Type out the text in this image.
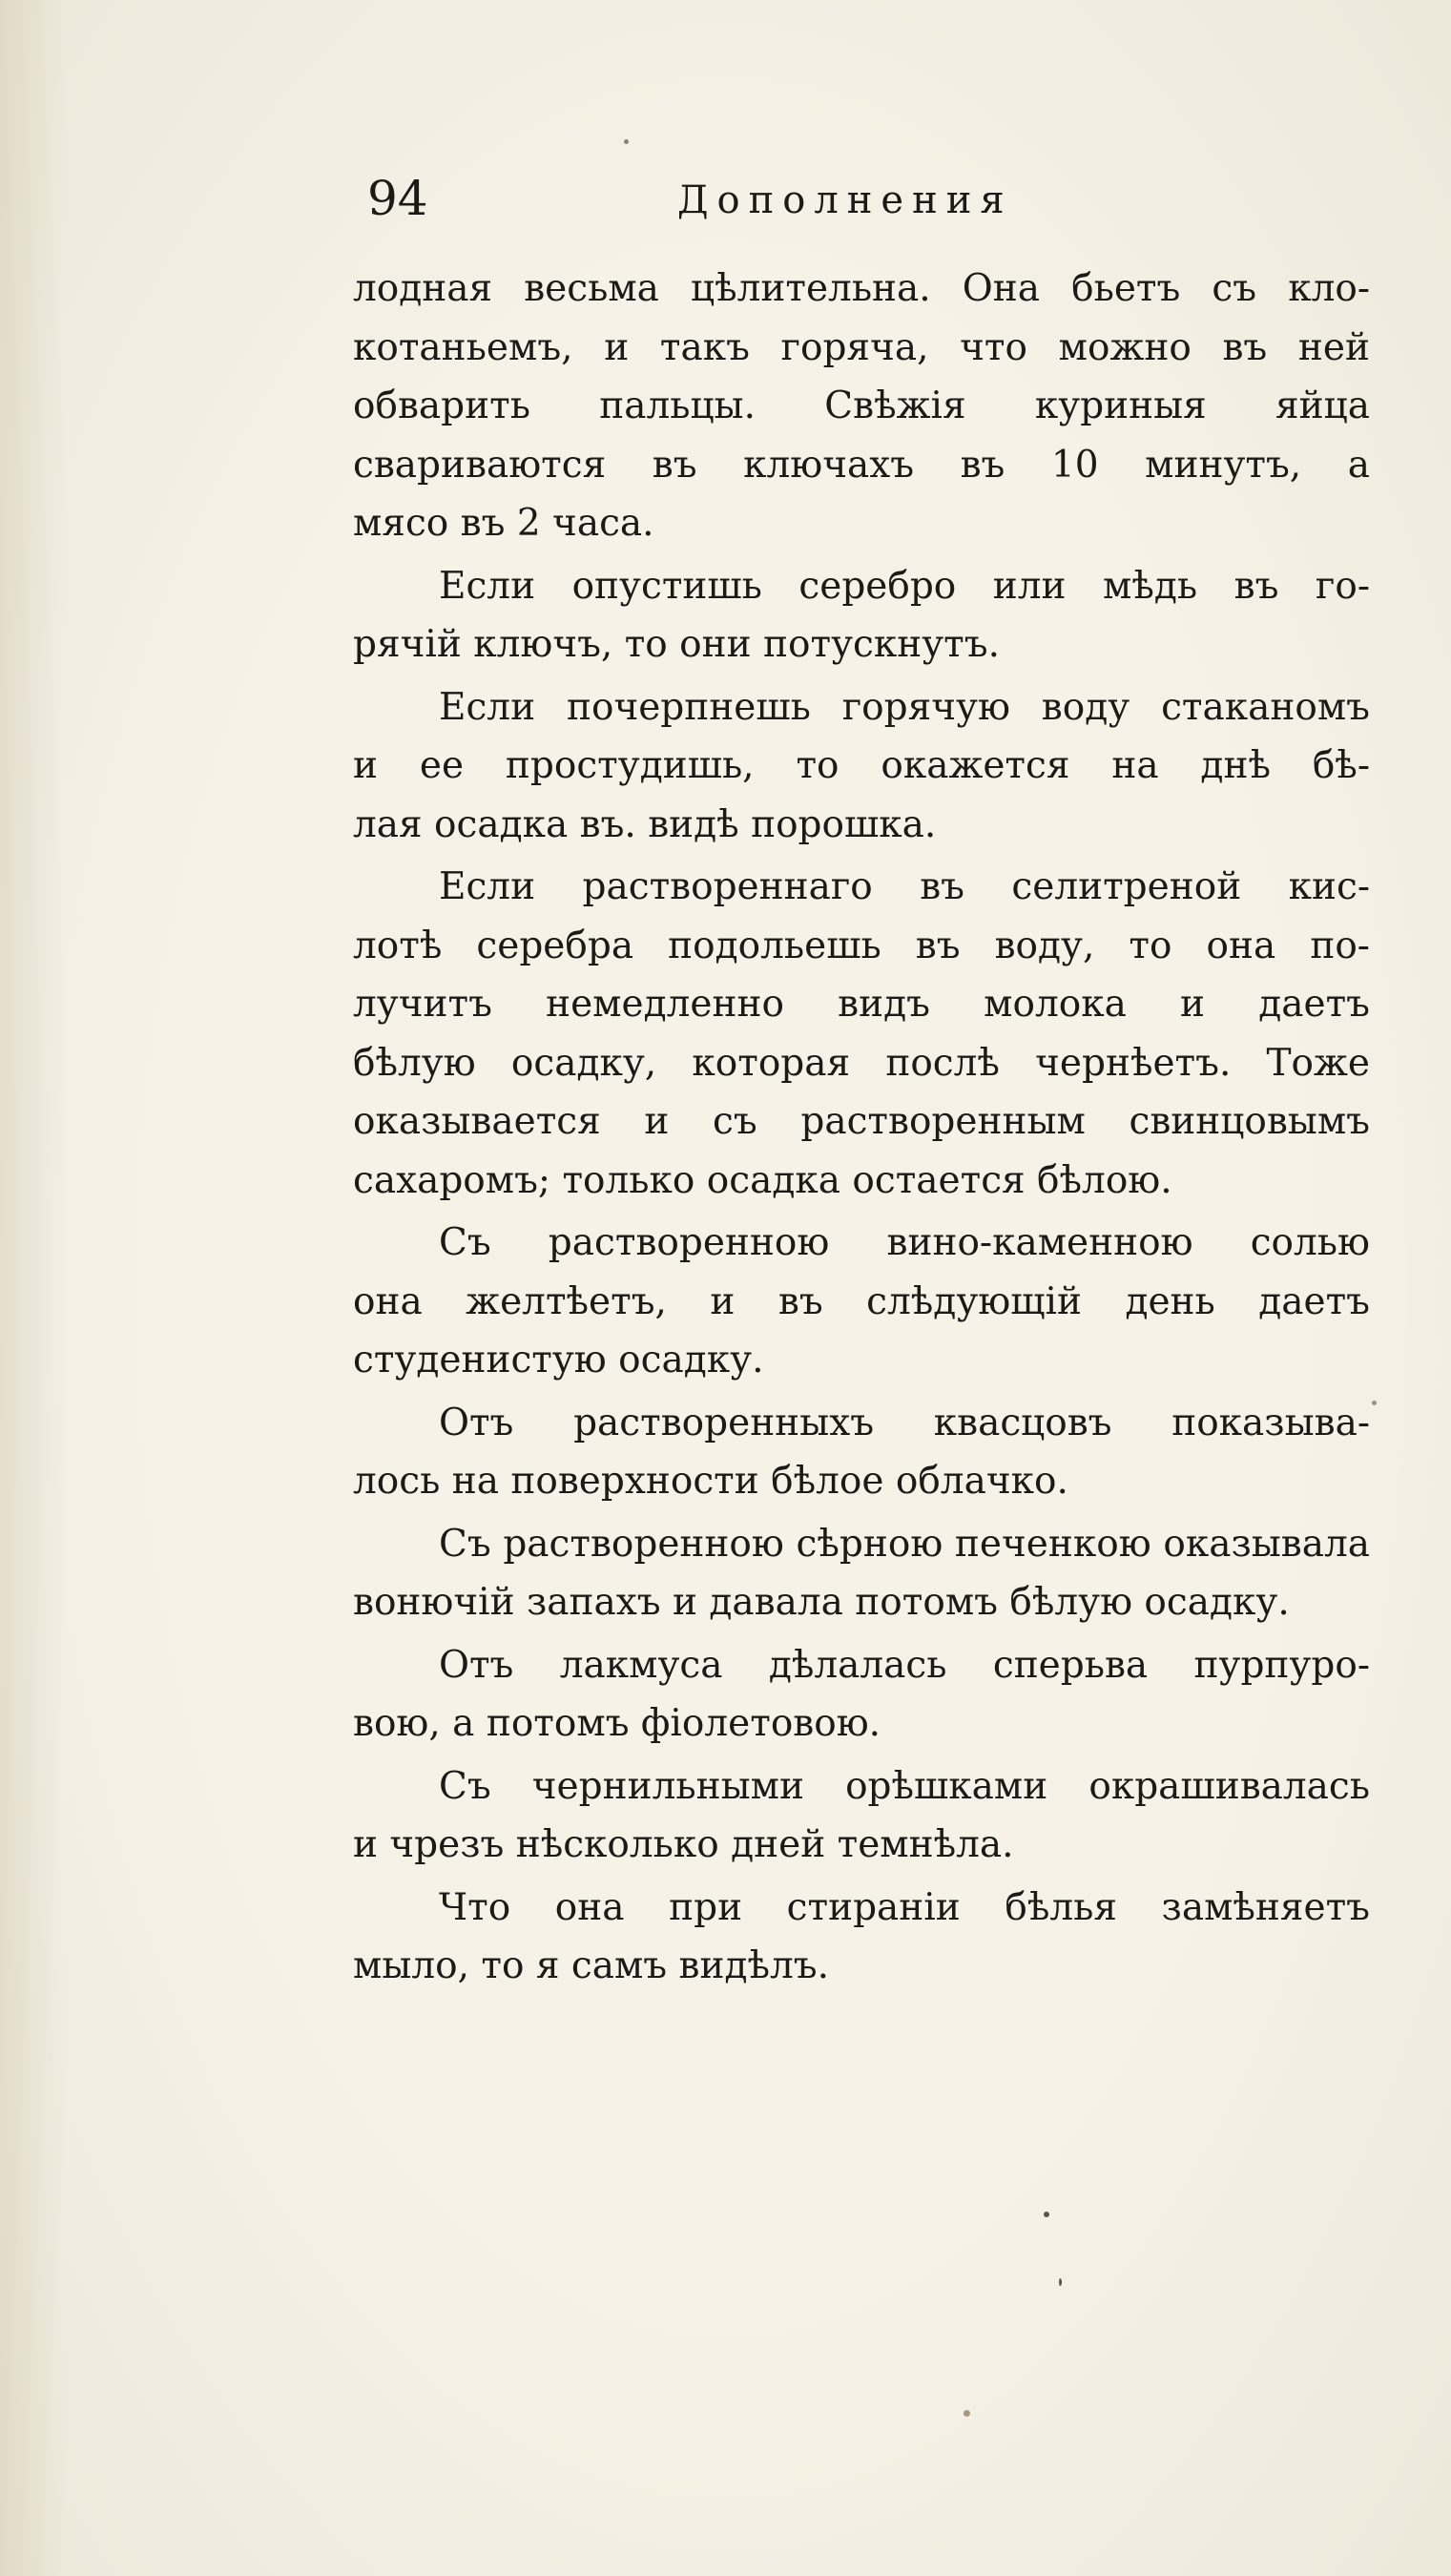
94	Дополнения
лодная весьма цѣлительна. Она бьетъ съ кло-
котаньемъ, и такъ горяча, что можно въ ней
обварить пальцы. Свѣжія куриныя яйца
свариваются въ ключахъ въ 10 минутъ, а
мясо въ 2 часа.
Если опустишь серебро или мѣдь въ го-
рячій ключъ, то они потускнутъ.
Если почерпнешь горячую воду стаканомъ
и ее простудишь, то окажется на днѣ бѣ-
лая осадка въ. видѣ порошка.
Если раствореннаго въ селитреной кис-
лотѣ серебра подольешь въ воду, то она по-
лучитъ немедленно видъ молока и даетъ
бѣлую осадку, которая послѣ чернѣетъ. Тоже
оказывается и съ растворенным свинцовымъ
сахаромъ; только осадка остается бѣлою.
Съ растворенною вино-каменною солью
она желтѣетъ, и въ слѣдующій день даетъ
студенистую осадку.
Отъ растворенныхъ квасцовъ показыва-
лось на поверхности бѣлое облачко.
Съ растворенною сѣрною печенкою оказывала
вонючій запахъ и давала потомъ бѣлую осадку.
Отъ лакмуса дѣлалась сперьва пурпуро-
вою, а потомъ фіолетовою.
Съ чернильными орѣшками окрашивалась
и чрезъ нѣсколько дней темнѣла.
Что она при стираніи бѣлья замѣняетъ
мыло, то я самъ видѣлъ.
